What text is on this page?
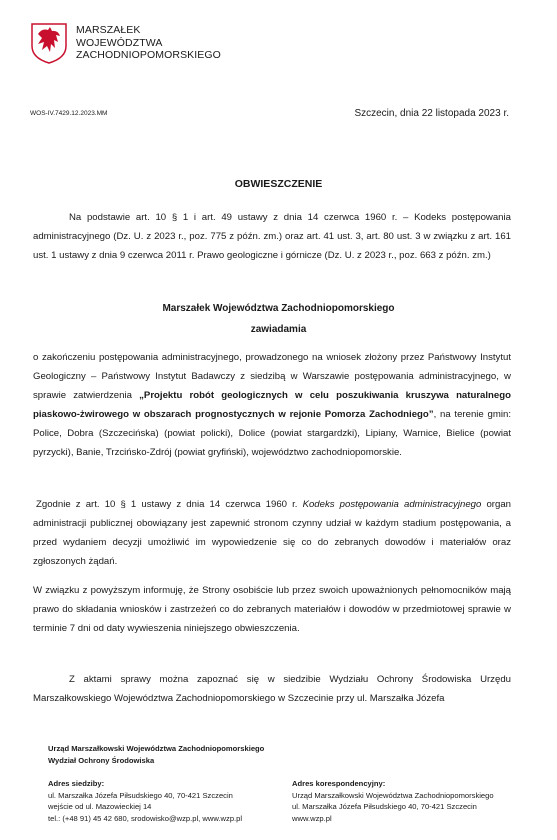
MARSZAŁEK
WOJEWÓDZTWA
ZACHODNIOPOMORSKIEGO
WOS-IV.7429.12.2023.MM	Szczecin, dnia 22 listopada 2023 r.
OBWIESZCZENIE
Na podstawie art. 10 § 1 i art. 49 ustawy z dnia 14 czerwca 1960 r. – Kodeks postępowania administracyjnego (Dz. U. z 2023 r., poz. 775 z późn. zm.) oraz art. 41 ust. 3, art. 80 ust. 3 w związku z art. 161 ust. 1 ustawy z dnia 9 czerwca 2011 r. Prawo geologiczne i górnicze (Dz. U. z 2023 r., poz. 663 z późn. zm.)
Marszałek Województwa Zachodniopomorskiego
zawiadamia
o zakończeniu postępowania administracyjnego, prowadzonego na wniosek złożony przez Państwowy Instytut Geologiczny – Państwowy Instytut Badawczy z siedzibą w Warszawie postępowania administracyjnego, w sprawie zatwierdzenia „Projektu robót geologicznych w celu poszukiwania kruszywa naturalnego piaskowo-żwirowego w obszarach prognostycznych w rejonie Pomorza Zachodniego”, na terenie gmin: Police, Dobra (Szczecińska) (powiat policki), Dolice (powiat stargardzki), Lipiany, Warnice, Bielice (powiat pyrzycki), Banie, Trzcińsko-Zdrój (powiat gryfiński), województwo zachodniopomorskie.
Zgodnie z art. 10 § 1 ustawy z dnia 14 czerwca 1960 r. Kodeks postępowania administracyjnego organ administracji publicznej obowiązany jest zapewnić stronom czynny udział w każdym stadium postępowania, a przed wydaniem decyzji umożliwić im wypowiedzenie się co do zebranych dowodów i materiałów oraz zgłoszonych żądań.
W związku z powyższym informuję, że Strony osobiście lub przez swoich upoważnionych pełnomocników mają prawo do składania wniosków i zastrzeżeń co do zebranych materiałów i dowodów w przedmiotowej sprawie w terminie 7 dni od daty wywieszenia niniejszego obwieszczenia.
Z aktami sprawy można zapoznać się w siedzibie Wydziału Ochrony Środowiska Urzędu Marszałkowskiego Województwa Zachodniopomorskiego w Szczecinie przy ul. Marszałka Józefa
Urząd Marszałkowski Województwa Zachodniopomorskiego
Wydział Ochrony Środowiska
Adres siedziby:
ul. Marszałka Józefa Piłsudskiego 40, 70-421 Szczecin
wejście od ul. Mazowieckiej 14
tel.: (+48 91) 45 42 680, srodowisko@wzp.pl, www.wzp.pl
Adres korespondencyjny:
Urząd Marszałkowski Województwa Zachodniopomorskiego
ul. Marszałka Józefa Piłsudskiego 40, 70-421 Szczecin
www.wzp.pl
